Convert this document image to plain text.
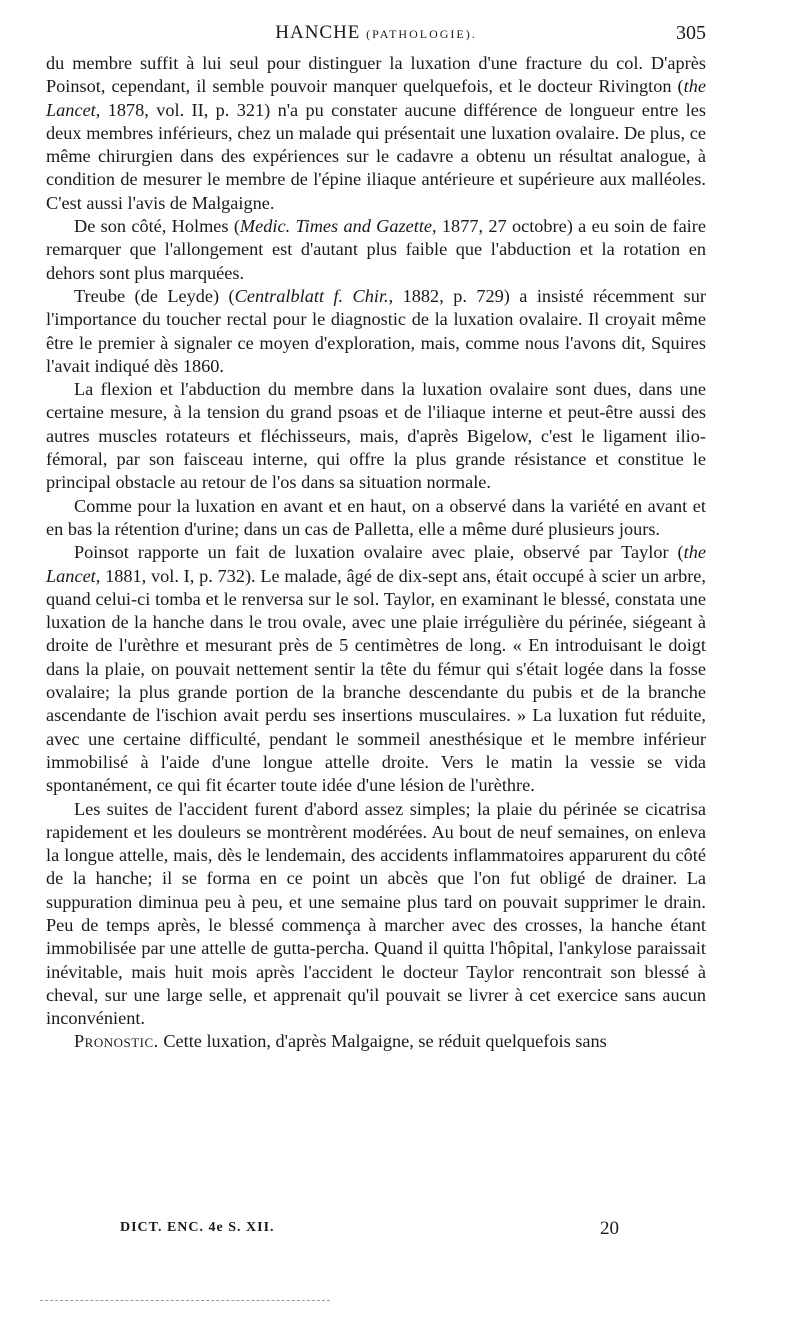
HANCHE (PATHOLOGIE).	305

du membre suffit à lui seul pour distinguer la luxation d'une fracture du col. D'après Poinsot, cependant, il semble pouvoir manquer quelquefois, et le docteur Rivington (the Lancet, 1878, vol. II, p. 321) n'a pu constater aucune différence de longueur entre les deux membres inférieurs, chez un malade qui présentait une luxation ovalaire. De plus, ce même chirurgien dans des expériences sur le cadavre a obtenu un résultat analogue, à condition de mesurer le membre de l'épine iliaque antérieure et supérieure aux malléoles. C'est aussi l'avis de Malgaigne.

De son côté, Holmes (Medic. Times and Gazette, 1877, 27 octobre) a eu soin de faire remarquer que l'allongement est d'autant plus faible que l'abduction et la rotation en dehors sont plus marquées.

Treube (de Leyde) (Centralblatt f. Chir., 1882, p. 729) a insisté récemment sur l'importance du toucher rectal pour le diagnostic de la luxation ovalaire. Il croyait même être le premier à signaler ce moyen d'exploration, mais, comme nous l'avons dit, Squires l'avait indiqué dès 1860.

La flexion et l'abduction du membre dans la luxation ovalaire sont dues, dans une certaine mesure, à la tension du grand psoas et de l'iliaque interne et peut-être aussi des autres muscles rotateurs et fléchisseurs, mais, d'après Bigelow, c'est le ligament ilio-fémoral, par son faisceau interne, qui offre la plus grande résistance et constitue le principal obstacle au retour de l'os dans sa situation normale.

Comme pour la luxation en avant et en haut, on a observé dans la variété en avant et en bas la rétention d'urine; dans un cas de Palletta, elle a même duré plusieurs jours.

Poinsot rapporte un fait de luxation ovalaire avec plaie, observé par Taylor (the Lancet, 1881, vol. I, p. 732). Le malade, âgé de dix-sept ans, était occupé à scier un arbre, quand celui-ci tomba et le renversa sur le sol. Taylor, en examinant le blessé, constata une luxation de la hanche dans le trou ovale, avec une plaie irrégulière du périnée, siégeant à droite de l'urèthre et mesurant près de 5 centimètres de long. « En introduisant le doigt dans la plaie, on pouvait nettement sentir la tête du fémur qui s'était logée dans la fosse ovalaire; la plus grande portion de la branche descendante du pubis et de la branche ascendante de l'ischion avait perdu ses insertions musculaires. » La luxation fut réduite, avec une certaine difficulté, pendant le sommeil anesthésique et le membre inférieur immobilisé à l'aide d'une longue attelle droite. Vers le matin la vessie se vida spontanément, ce qui fit écarter toute idée d'une lésion de l'urèthre.

Les suites de l'accident furent d'abord assez simples; la plaie du périnée se cicatrisa rapidement et les douleurs se montrèrent modérées. Au bout de neuf semaines, on enleva la longue attelle, mais, dès le lendemain, des accidents inflammatoires apparurent du côté de la hanche; il se forma en ce point un abcès que l'on fut obligé de drainer. La suppuration diminua peu à peu, et une semaine plus tard on pouvait supprimer le drain. Peu de temps après, le blessé commença à marcher avec des crosses, la hanche étant immobilisée par une attelle de gutta-percha. Quand il quitta l'hôpital, l'ankylose paraissait inévitable, mais huit mois après l'accident le docteur Taylor rencontrait son blessé à cheval, sur une large selle, et apprenait qu'il pouvait se livrer à cet exercice sans aucun inconvénient.

Pronostic. Cette luxation, d'après Malgaigne, se réduit quelquefois sans

DICT. ENC. 4e S. XII.	20
